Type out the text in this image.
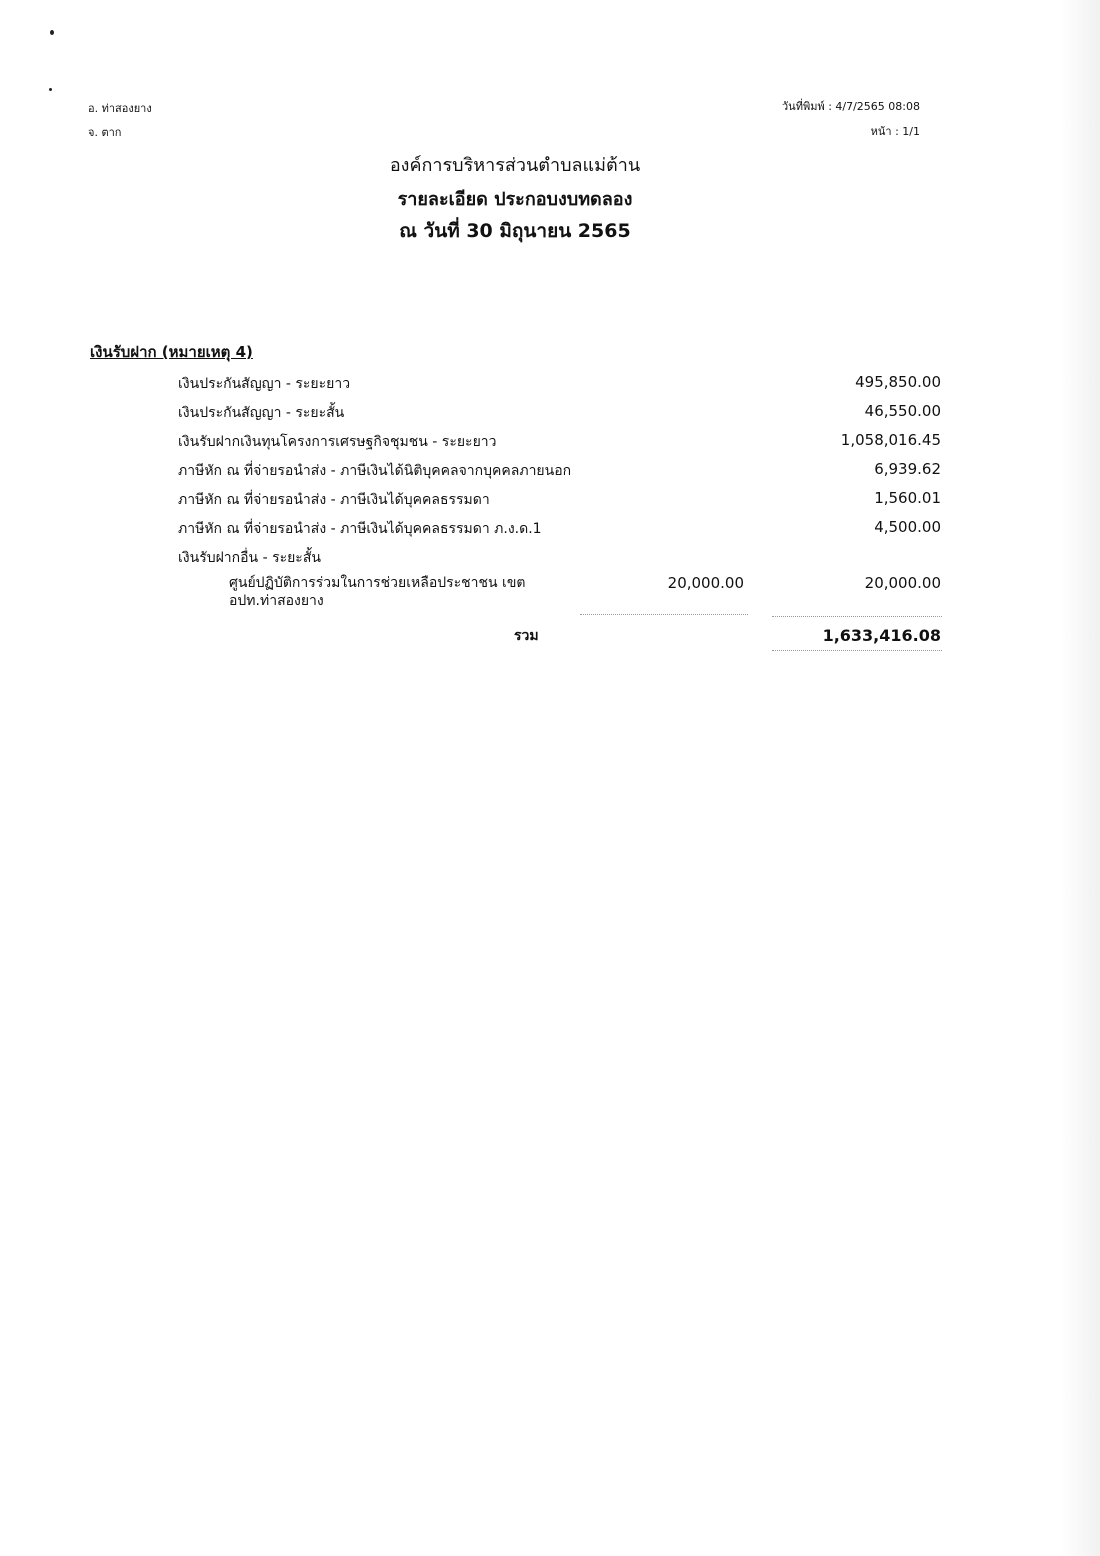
อ. ท่าสองยาง
จ. ตาก
วันที่พิมพ์ : 4/7/2565 08:08
หน้า : 1/1
องค์การบริหารส่วนตำบลแม่ต้าน
รายละเอียด ประกอบงบทดลอง
ณ วันที่ 30 มิถุนายน 2565
เงินรับฝาก (หมายเหตุ 4)
เงินประกันสัญญา - ระยะยาว	495,850.00
เงินประกันสัญญา - ระยะสั้น	46,550.00
เงินรับฝากเงินทุนโครงการเศรษฐกิจชุมชน - ระยะยาว	1,058,016.45
ภาษีหัก ณ ที่จ่ายรอนำส่ง - ภาษีเงินได้นิติบุคคลจากบุคคลภายนอก	6,939.62
ภาษีหัก ณ ที่จ่ายรอนำส่ง - ภาษีเงินได้บุคคลธรรมดา	1,560.01
ภาษีหัก ณ ที่จ่ายรอนำส่ง - ภาษีเงินได้บุคคลธรรมดา ภ.ง.ด.1	4,500.00
เงินรับฝากอื่น - ระยะสั้น
ศูนย์ปฏิบัติการร่วมในการช่วยเหลือประชาชน เขต
อปท.ท่าสองยาง
20,000.00	20,000.00
รวม	1,633,416.08
